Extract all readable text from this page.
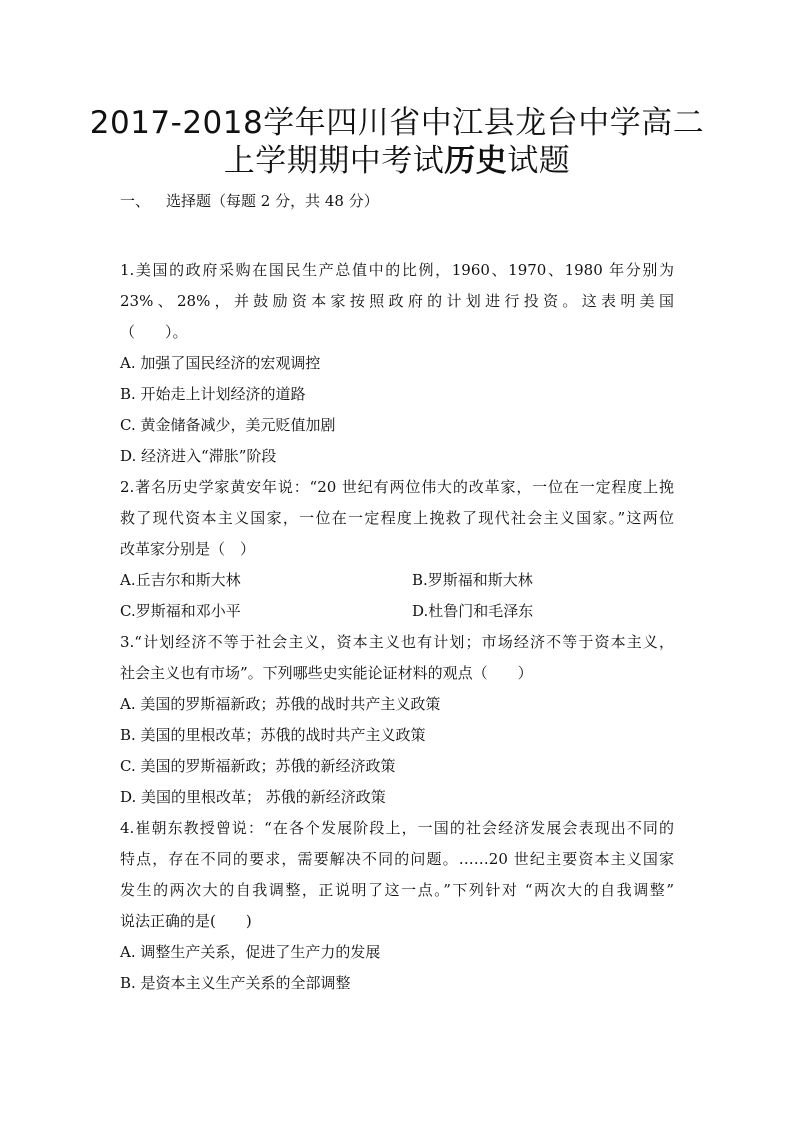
2017-2018学年四川省中江县龙台中学高二
上学期期中考试历史试题
一、 选择题（每题 2 分，共 48 分）
1.美国的政府采购在国民生产总值中的比例，1960、1970、1980 年分别为
23%、28%，并鼓励资本家按照政府的计划进行投资。这表明美国
（　　）。
A. 加强了国民经济的宏观调控
B. 开始走上计划经济的道路
C. 黄金储备减少，美元贬值加剧
D. 经济进入“滞胀”阶段
2.著名历史学家黄安年说：“20 世纪有两位伟大的改革家，一位在一定程度上挽
救了现代资本主义国家，一位在一定程度上挽救了现代社会主义国家。”这两位
改革家分别是（　）
A.丘吉尔和斯大林	B.罗斯福和斯大林
C.罗斯福和邓小平	D.杜鲁门和毛泽东
3.“计划经济不等于社会主义，资本主义也有计划；市场经济不等于资本主义，
社会主义也有市场”。下列哪些史实能论证材料的观点（　　）
A. 美国的罗斯福新政；苏俄的战时共产主义政策
B. 美国的里根改革；苏俄的战时共产主义政策
C. 美国的罗斯福新政；苏俄的新经济政策
D. 美国的里根改革； 苏俄的新经济政策
4.崔朝东教授曾说：“在各个发展阶段上，一国的社会经济发展会表现出不同的
特点，存在不同的要求，需要解决不同的问题。……20 世纪主要资本主义国家
发生的两次大的自我调整，正说明了这一点。”下列针对 “两次大的自我调整”
说法正确的是(　　)
A. 调整生产关系，促进了生产力的发展
B. 是资本主义生产关系的全部调整
